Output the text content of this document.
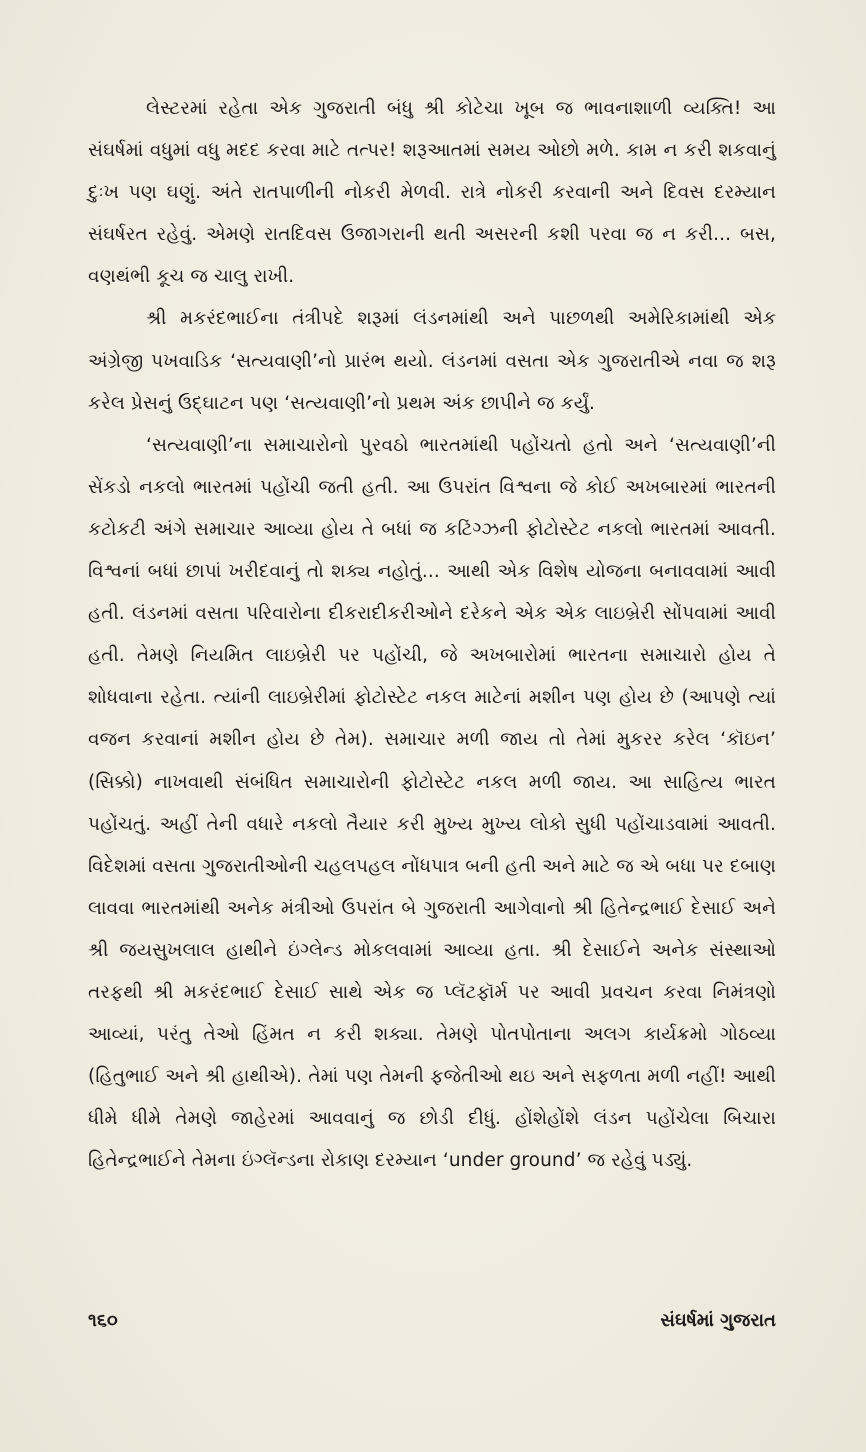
લેસ્ટરમાં રહેતા એક ગુજરાતી બંધુ શ્રી કોટેચા ખૂબ જ ભાવનાશાળી વ્યક્તિ! આ સંઘર્ષમાં વધુમાં વધુ મદદ કરવા માટે તત્પર! શરૂઆતમાં સમય ઓછો મળે. કામ ન કરી શકવાનું દુઃખ પણ ઘણું. અંતે રાતપાળીની નોકરી મેળવી. રાત્રે નોકરી કરવાની અને દિવસ દરમ્યાન સંઘર્ષરત રહેવું. એમણે રાતદિવસ ઉજાગરાની થતી અસરની કશી પરવા જ ન કરી... બસ, વણથંભી કૂચ જ ચાલુ રાખી.

શ્રી મકરંદભાઈના તંત્રીપદે શરૂમાં લંડનમાંથી અને પાછળથી અમેરિકામાંથી એક અંગ્રેજી પખવાડિક ‘સત્યવાણી’નો પ્રારંભ થયો. લંડનમાં વસતા એક ગુજરાતીએ નવા જ શરૂ કરેલ પ્રેસનું ઉદ્‌ઘાટન પણ ‘સત્યવાણી’નો પ્રથમ અંક છાપીને જ કર્યું.

‘સત્યવાણી’ના સમાચારોનો પુરવઠો ભારતમાંથી પહોંચતો હતો અને ‘સત્યવાણી’ની સેંકડો નકલો ભારતમાં પહોંચી જતી હતી. આ ઉપરાંત વિશ્વના જે કોઈ અખબારમાં ભારતની કટોકટી અંગે સમાચાર આવ્યા હોય તે બધાં જ કટિંગ્ઝની ફોટોસ્ટેટ નકલો ભારતમાં આવતી. વિશ્વનાં બધાં છાપાં ખરીદવાનું તો શક્ય નહોતું... આથી એક વિશેષ યોજના બનાવવામાં આવી હતી. લંડનમાં વસતા પરિવારોના દીકરાદીકરીઓને દરેકને એક એક લાઇબ્રેરી સોંપવામાં આવી હતી. તેમણે નિયમિત લાઇબ્રેરી પર પહોંચી, જે અખબારોમાં ભારતના સમાચારો હોય તે શોધવાના રહેતા. ત્યાંની લાઇબ્રેરીમાં ફોટોસ્ટેટ નકલ માટેનાં મશીન પણ હોય છે (આપણે ત્યાં વજન કરવાનાં મશીન હોય છે તેમ). સમાચાર મળી જાય તો તેમાં મુકરર કરેલ ‘કૉઇન’ (સિક્કો) નાખવાથી સંબંધિત સમાચારોની ફોટોસ્ટેટ નકલ મળી જાય. આ સાહિત્ય ભારત પહોંચતું. અહીં તેની વધારે નકલો તૈયાર કરી મુખ્ય મુખ્ય લોકો સુધી પહોંચાડવામાં આવતી. વિદેશમાં વસતા ગુજરાતીઓની ચહલપહલ નોંધપાત્ર બની હતી અને માટે જ એ બધા પર દબાણ લાવવા ભારતમાંથી અનેક મંત્રીઓ ઉપરાંત બે ગુજરાતી આગેવાનો શ્રી હિતેન્દ્રભાઈ દેસાઈ અને શ્રી જયસુખલાલ હાથીને ઇંગ્લેન્ડ મોકલવામાં આવ્યા હતા. શ્રી દેસાઈને અનેક સંસ્થાઓ તરફથી શ્રી મકરંદભાઈ દેસાઈ સાથે એક જ પ્લૅટફૉર્મ પર આવી પ્રવચન કરવા નિમંત્રણો આવ્યાં, પરંતુ તેઓ હિંમત ન કરી શક્યા. તેમણે પોતપોતાના અલગ કાર્યક્રમો ગોઠવ્યા (હિતુભાઈ અને શ્રી હાથીએ). તેમાં પણ તેમની ફજેતીઓ થઇ અને સફળતા મળી નહીં! આથી ધીમે ધીમે તેમણે જાહેરમાં આવવાનું જ છોડી દીધું. હોંશેહોંશે લંડન પહોંચેલા બિચારા હિતેન્દ્રભાઈને તેમના ઇંગ્લૅન્ડના રોકાણ દરમ્યાન ‘under ground’ જ રહેવું પડ્યું.

૧૬૦	સંઘર્ષમાં ગુજરાત
